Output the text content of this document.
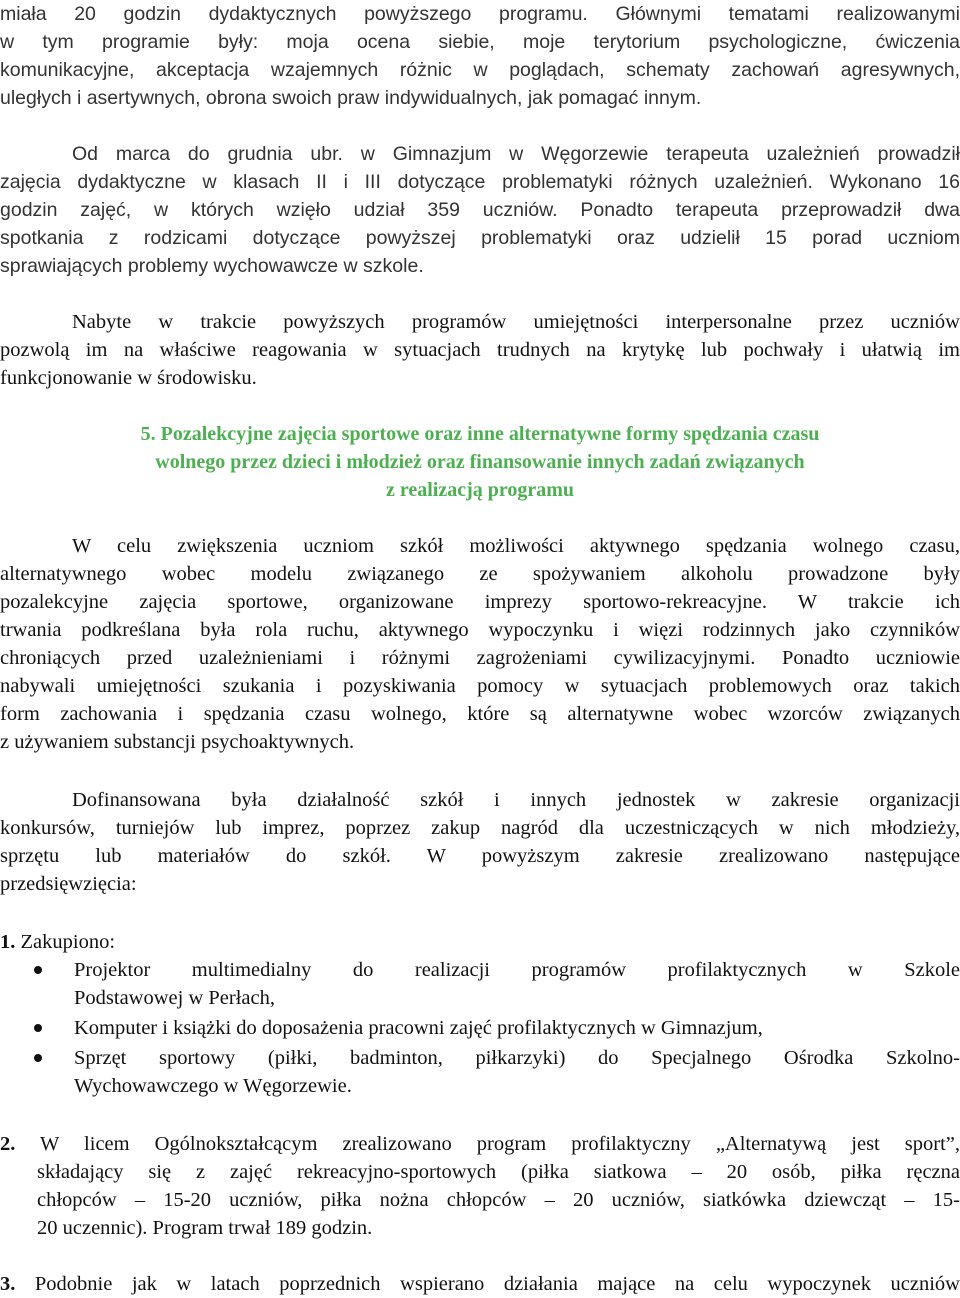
miała 20 godzin dydaktycznych powyższego programu. Głównymi tematami realizowanymi
w tym programie były: moja ocena siebie, moje terytorium psychologiczne, ćwiczenia
komunikacyjne, akceptacja wzajemnych różnic w poglądach, schematy zachowań agresywnych,
uległych i asertywnych, obrona swoich praw indywidualnych, jak pomagać innym.
Od marca do grudnia ubr. w Gimnazjum w Węgorzewie terapeuta uzależnień prowadził
zajęcia dydaktyczne w klasach II i III dotyczące problematyki różnych uzależnień. Wykonano 16
godzin zajęć, w których wzięło udział 359 uczniów. Ponadto terapeuta przeprowadził dwa
spotkania z rodzicami dotyczące powyższej problematyki oraz udzielił 15 porad uczniom
sprawiających problemy wychowawcze w szkole.
Nabyte w trakcie powyższych programów umiejętności interpersonalne przez uczniów
pozwolą im na właściwe reagowania w sytuacjach trudnych na krytykę lub pochwały i ułatwią im
funkcjonowanie w środowisku.
5. Pozalekcyjne zajęcia sportowe oraz inne alternatywne formy spędzania czasu
wolnego przez dzieci i młodzież oraz finansowanie innych zadań związanych
z realizacją programu
W celu zwiększenia uczniom szkół możliwości aktywnego spędzania wolnego czasu,
alternatywnego wobec modelu związanego ze spożywaniem alkoholu prowadzone były
pozalekcyjne zajęcia sportowe, organizowane imprezy sportowo-rekreacyjne. W trakcie ich
trwania podkreślana była rola ruchu, aktywnego wypoczynku i więzi rodzinnych jako czynników
chroniących przed uzależnieniami i różnymi zagrożeniami cywilizacyjnymi. Ponadto uczniowie
nabywali umiejętności szukania i pozyskiwania pomocy w sytuacjach problemowych oraz takich
form zachowania i spędzania czasu wolnego, które są alternatywne wobec wzorców związanych
z używaniem substancji psychoaktywnych.
Dofinansowana była działalność szkół i innych jednostek w zakresie organizacji
konkursów, turniejów lub imprez, poprzez zakup nagród dla uczestniczących w nich młodzieży,
sprzętu lub materiałów do szkół. W powyższym zakresie zrealizowano następujące
przedsięwzięcia:
1. Zakupiono:
Projektor multimedialny do realizacji programów profilaktycznych w Szkole
Podstawowej w Perłach,
Komputer i książki do doposażenia pracowni zajęć profilaktycznych w Gimnazjum,
Sprzęt sportowy (piłki, badminton, piłkarzyki) do Specjalnego Ośrodka Szkolno-
Wychowawczego w Węgorzewie.
2. W licem Ogólnokształcącym zrealizowano program profilaktyczny „Alternatywą jest sport”,
składający się z zajęć rekreacyjno-sportowych (piłka siatkowa – 20 osób, piłka ręczna
chłopców – 15-20 uczniów, piłka nożna chłopców – 20 uczniów, siatkówka dziewcząt – 15-
20 uczennic). Program trwał 189 godzin.
3. Podobnie jak w latach poprzednich wspierano działania mające na celu wypoczynek uczniów
